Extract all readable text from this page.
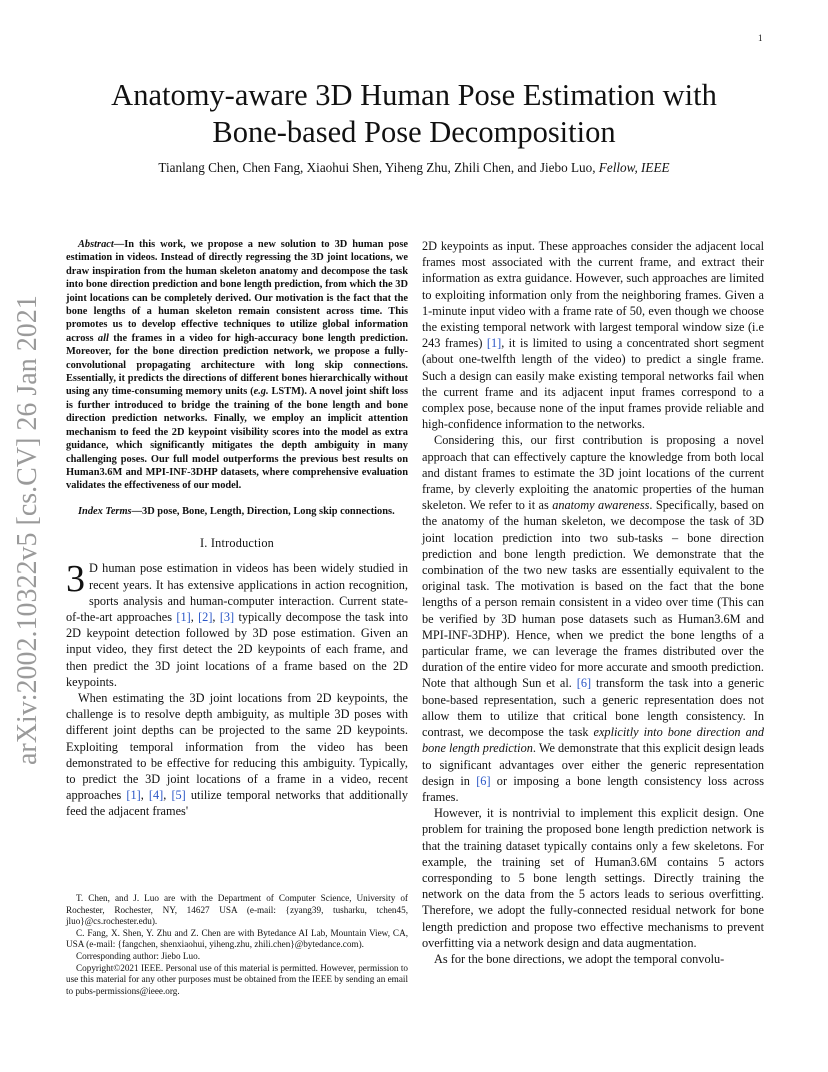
1
arXiv:2002.10322v5 [cs.CV] 26 Jan 2021
Anatomy-aware 3D Human Pose Estimation with
Bone-based Pose Decomposition
Tianlang Chen, Chen Fang, Xiaohui Shen, Yiheng Zhu, Zhili Chen, and Jiebo Luo, Fellow, IEEE

Abstract—In this work, we propose a new solution to 3D human pose estimation in videos. Instead of directly regressing the 3D joint locations, we draw inspiration from the human skeleton anatomy and decompose the task into bone direction prediction and bone length prediction, from which the 3D joint locations can be completely derived. Our motivation is the fact that the bone lengths of a human skeleton remain consistent across time. This promotes us to develop effective techniques to utilize global information across all the frames in a video for high-accuracy bone length prediction. Moreover, for the bone direction prediction network, we propose a fully-convolutional propagating architecture with long skip connections. Essentially, it predicts the directions of different bones hierarchically without using any time-consuming memory units (e.g. LSTM). A novel joint shift loss is further introduced to bridge the training of the bone length and bone direction prediction networks. Finally, we employ an implicit attention mechanism to feed the 2D keypoint visibility scores into the model as extra guidance, which significantly mitigates the depth ambiguity in many challenging poses. Our full model outperforms the previous best results on Human3.6M and MPI-INF-3DHP datasets, where comprehensive evaluation validates the effectiveness of our model.

Index Terms—3D pose, Bone, Length, Direction, Long skip connections.

I. Introduction

3 D human pose estimation in videos has been widely studied in recent years. It has extensive applications in action recognition, sports analysis and human-computer interaction. Current state-of-the-art approaches [1], [2], [3] typically decompose the task into 2D keypoint detection followed by 3D pose estimation. Given an input video, they first detect the 2D keypoints of each frame, and then predict the 3D joint locations of a frame based on the 2D keypoints.

When estimating the 3D joint locations from 2D keypoints, the challenge is to resolve depth ambiguity, as multiple 3D poses with different joint depths can be projected to the same 2D keypoints. Exploiting temporal information from the video has been demonstrated to be effective for reducing this ambiguity. Typically, to predict the 3D joint locations of a frame in a video, recent approaches [1], [4], [5] utilize temporal networks that additionally feed the adjacent frames'

T. Chen, and J. Luo are with the Department of Computer Science, University of Rochester, Rochester, NY, 14627 USA (e-mail: {zyang39, tusharku, tchen45, jluo}@cs.rochester.edu).

C. Fang, X. Shen, Y. Zhu and Z. Chen are with Bytedance AI Lab, Mountain View, CA, USA (e-mail: {fangchen, shenxiaohui, yiheng.zhu, zhili.chen}@bytedance.com).

Corresponding author: Jiebo Luo.

Copyright©2021 IEEE. Personal use of this material is permitted. However, permission to use this material for any other purposes must be obtained from the IEEE by sending an email to pubs-permissions@ieee.org.

2D keypoints as input. These approaches consider the adjacent local frames most associated with the current frame, and extract their information as extra guidance. However, such approaches are limited to exploiting information only from the neighboring frames. Given a 1-minute input video with a frame rate of 50, even though we choose the existing temporal network with largest temporal window size (i.e 243 frames) [1], it is limited to using a concentrated short segment (about one-twelfth length of the video) to predict a single frame. Such a design can easily make existing temporal networks fail when the current frame and its adjacent input frames correspond to a complex pose, because none of the input frames provide reliable and high-confidence information to the networks.

Considering this, our first contribution is proposing a novel approach that can effectively capture the knowledge from both local and distant frames to estimate the 3D joint locations of the current frame, by cleverly exploiting the anatomic properties of the human skeleton. We refer to it as anatomy awareness. Specifically, based on the anatomy of the human skeleton, we decompose the task of 3D joint location prediction into two sub-tasks – bone direction prediction and bone length prediction. We demonstrate that the combination of the two new tasks are essentially equivalent to the original task. The motivation is based on the fact that the bone lengths of a person remain consistent in a video over time (This can be verified by 3D human pose datasets such as Human3.6M and MPI-INF-3DHP). Hence, when we predict the bone lengths of a particular frame, we can leverage the frames distributed over the duration of the entire video for more accurate and smooth prediction. Note that although Sun et al. [6] transform the task into a generic bone-based representation, such a generic representation does not allow them to utilize that critical bone length consistency. In contrast, we decompose the task explicitly into bone direction and bone length prediction. We demonstrate that this explicit design leads to significant advantages over either the generic representation design in [6] or imposing a bone length consistency loss across frames.

However, it is nontrivial to implement this explicit design. One problem for training the proposed bone length prediction network is that the training dataset typically contains only a few skeletons. For example, the training set of Human3.6M contains 5 actors corresponding to 5 bone length settings. Directly training the network on the data from the 5 actors leads to serious overfitting. Therefore, we adopt the fully-connected residual network for bone length prediction and propose two effective mechanisms to prevent overfitting via a network design and data augmentation.

As for the bone directions, we adopt the temporal convolu-
